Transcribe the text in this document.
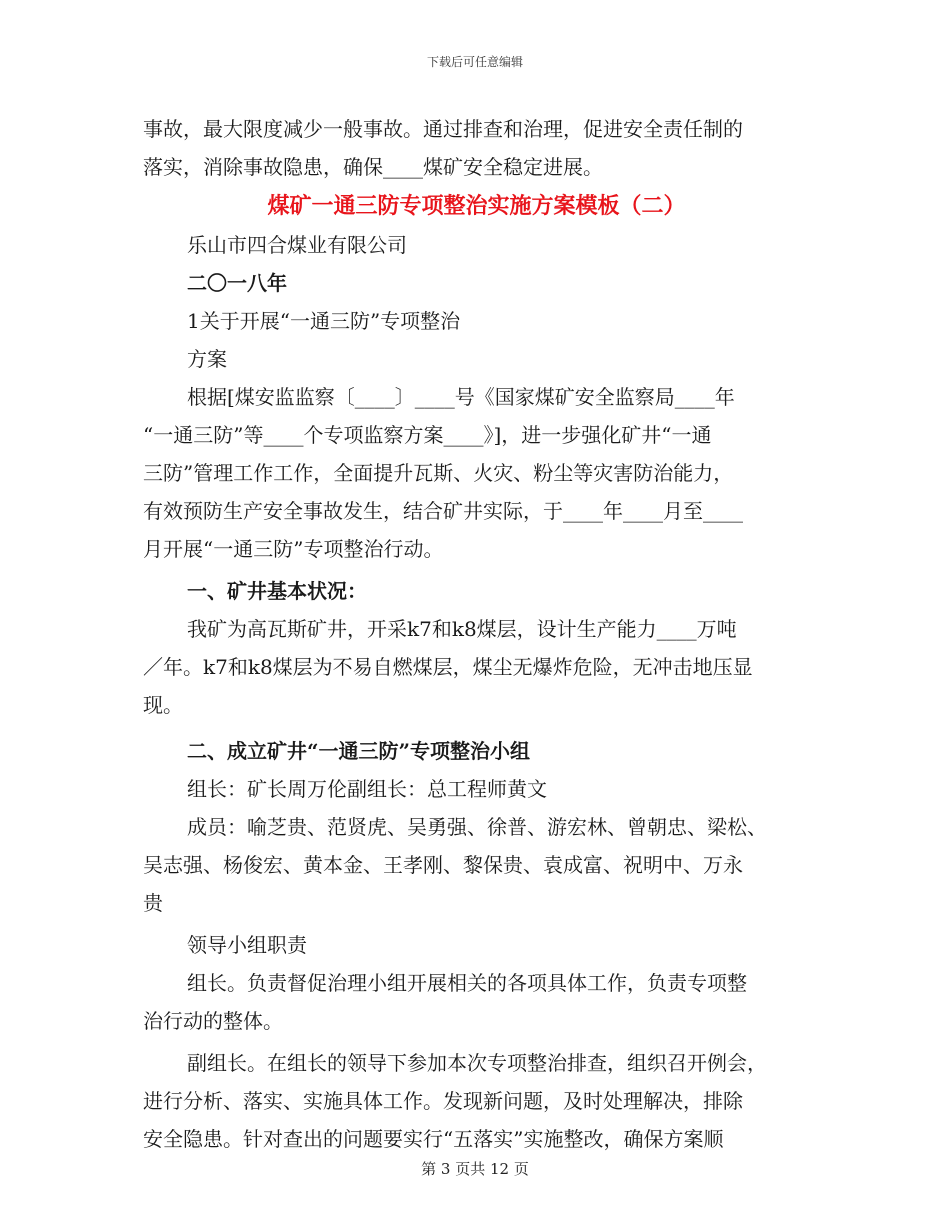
下载后可任意编辑

事故，最大限度减少一般事故。通过排查和治理，促进安全责任制的

落实，消除事故隐患，确保____煤矿安全稳定进展。

煤矿一通三防专项整治实施方案模板（二）

乐山市四合煤业有限公司

二〇一八年

1关于开展“一通三防”专项整治

方案

根据[煤安监监察〔____〕____号《国家煤矿安全监察局____年

“一通三防”等____个专项监察方案____》]，进一步强化矿井“一通

三防”管理工作工作，全面提升瓦斯、火灾、粉尘等灾害防治能力，

有效预防生产安全事故发生，结合矿井实际，于____年____月至____

月开展“一通三防”专项整治行动。

一、矿井基本状况：

我矿为高瓦斯矿井，开采k7和k8煤层，设计生产能力____万吨

／年。k7和k8煤层为不易自燃煤层，煤尘无爆炸危险，无冲击地压显

现。

二、成立矿井“一通三防”专项整治小组

组长：矿长周万伦副组长：总工程师黄文

成员：喻芝贵、范贤虎、吴勇强、徐普、游宏林、曾朝忠、梁松、

吴志强、杨俊宏、黄本金、王孝刚、黎保贵、袁成富、祝明中、万永

贵

领导小组职责

组长。负责督促治理小组开展相关的各项具体工作，负责专项整

治行动的整体。

副组长。在组长的领导下参加本次专项整治排查，组织召开例会，

进行分析、落实、实施具体工作。发现新问题，及时处理解决，排除

安全隐患。针对查出的问题要实行“五落实”实施整改，确保方案顺

第 3 页共 12 页
